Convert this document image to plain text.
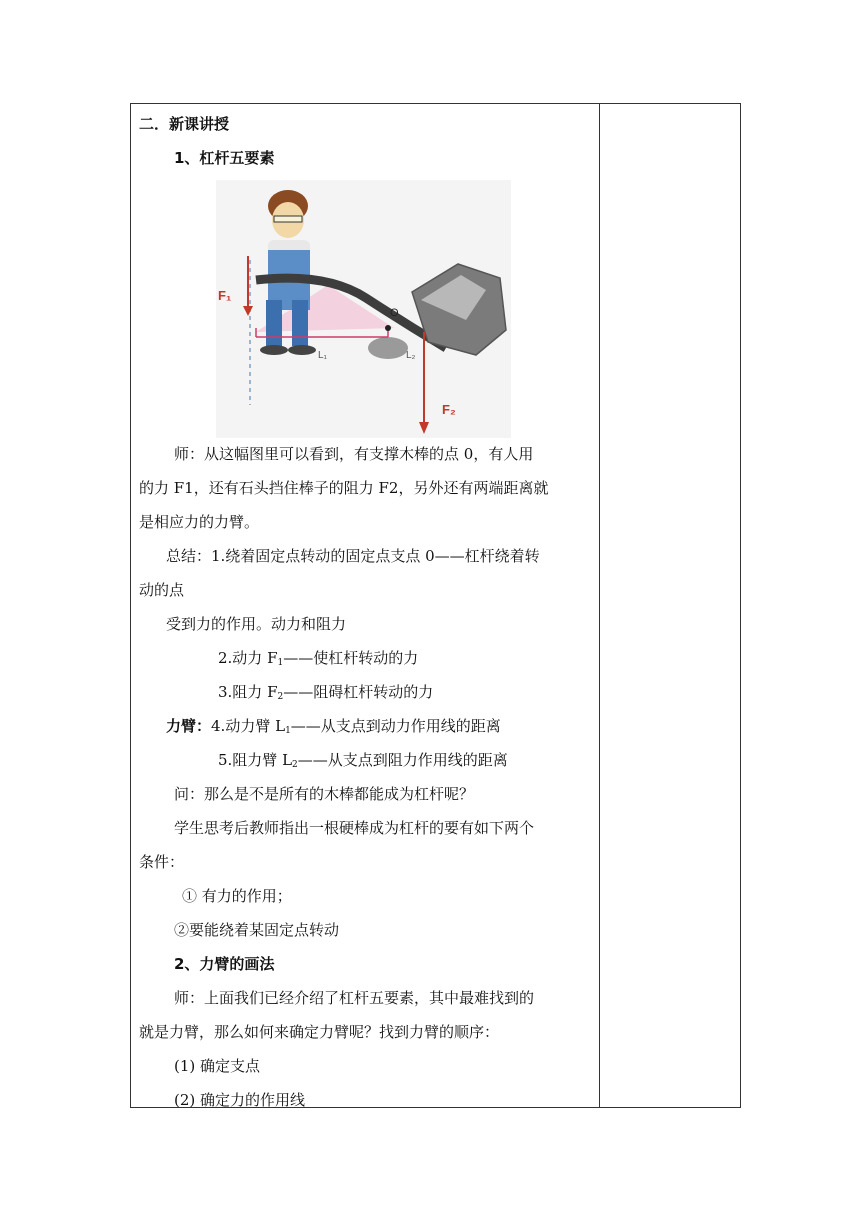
二．新课讲授
1、杠杆五要素
F₁
F₂
O
L₁	L₂
师：从这幅图里可以看到，有支撑木棒的点 0，有人用
的力 F1，还有石头挡住棒子的阻力 F2，另外还有两端距离就
是相应力的力臂。
总结：1.绕着固定点转动的固定点支点 0——杠杆绕着转
动的点
受到力的作用。动力和阻力
2.动力 $F_1——$使杠杆转动的力
3.阻力 $F_2——$阻碍杠杆转动的力
力臂：4.动力臂 $L_1——$从支点到动力作用线的距离
5.阻力臂 $L_2——$从支点到阻力作用线的距离
问：那么是不是所有的木棒都能成为杠杆呢？
学生思考后教师指出一根硬棒成为杠杆的要有如下两个
条件：
① 有力的作用；
②要能绕着某固定点转动
2、力臂的画法
师：上面我们已经介绍了杠杆五要素，其中最难找到的
就是力臂，那么如何来确定力臂呢？找到力臂的顺序：
(1) 确定支点
(2) 确定力的作用线
